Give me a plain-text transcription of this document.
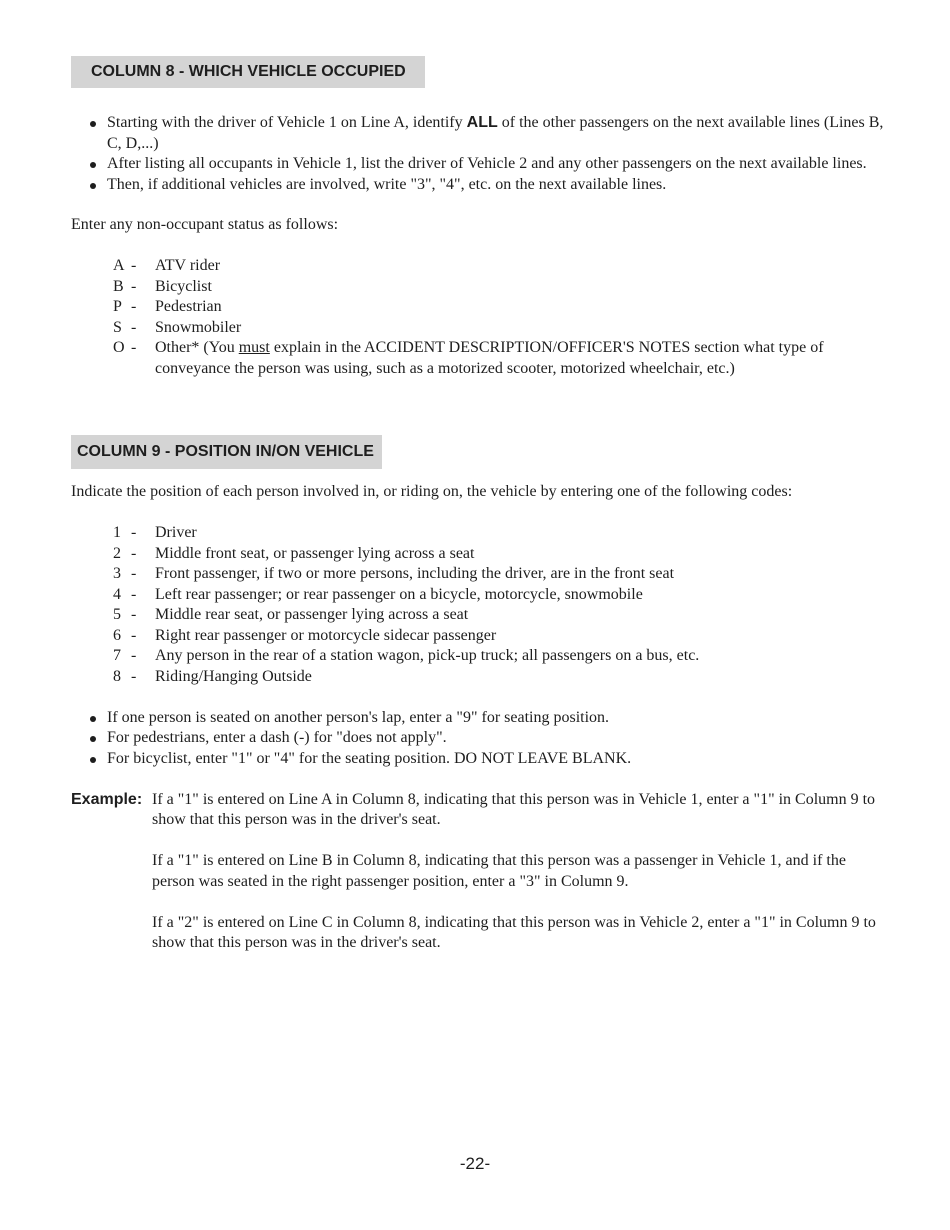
COLUMN 8 - WHICH VEHICLE OCCUPIED
Starting with the driver of Vehicle 1 on Line A, identify ALL of the other passengers on the next available lines (Lines B, C, D,...)
After listing all occupants in Vehicle 1, list the driver of Vehicle 2 and any other passengers on the next available lines.
Then, if additional vehicles are involved, write "3", "4", etc. on the next available lines.

Enter any non-occupant status as follows:

A -	ATV rider
B -	Bicyclist
P -	Pedestrian
S -	Snowmobiler
O -	Other* (You must explain in the ACCIDENT DESCRIPTION/OFFICER'S NOTES section what type of conveyance the person was using, such as a motorized scooter, motorized wheelchair, etc.)
COLUMN 9 - POSITION IN/ON VEHICLE

Indicate the position of each person involved in, or riding on, the vehicle by entering one of the following codes:

1 -	Driver
2 -	Middle front seat, or passenger lying across a seat
3 -	Front passenger, if two or more persons, including the driver, are in the front seat
4 -	Left rear passenger; or rear passenger on a bicycle, motorcycle, snowmobile
5 -	Middle rear seat, or passenger lying across a seat
6 -	Right rear passenger or motorcycle sidecar passenger
7 -	Any person in the rear of a station wagon, pick-up truck; all passengers on a bus, etc.
8 -	Riding/Hanging Outside
If one person is seated on another person's lap, enter a "9" for seating position.
For pedestrians, enter a dash (-) for "does not apply".
For bicyclist, enter "1" or "4" for the seating position. DO NOT LEAVE BLANK.
Example: If a "1" is entered on Line A in Column 8, indicating that this person was in Vehicle 1, enter a "1" in Column 9 to show that this person was in the driver's seat.

If a "1" is entered on Line B in Column 8, indicating that this person was a passenger in Vehicle 1, and if the person was seated in the right passenger position, enter a "3" in Column 9.

If a "2" is entered on Line C in Column 8, indicating that this person was in Vehicle 2, enter a "1" in Column 9 to show that this person was in the driver's seat.

-22-
